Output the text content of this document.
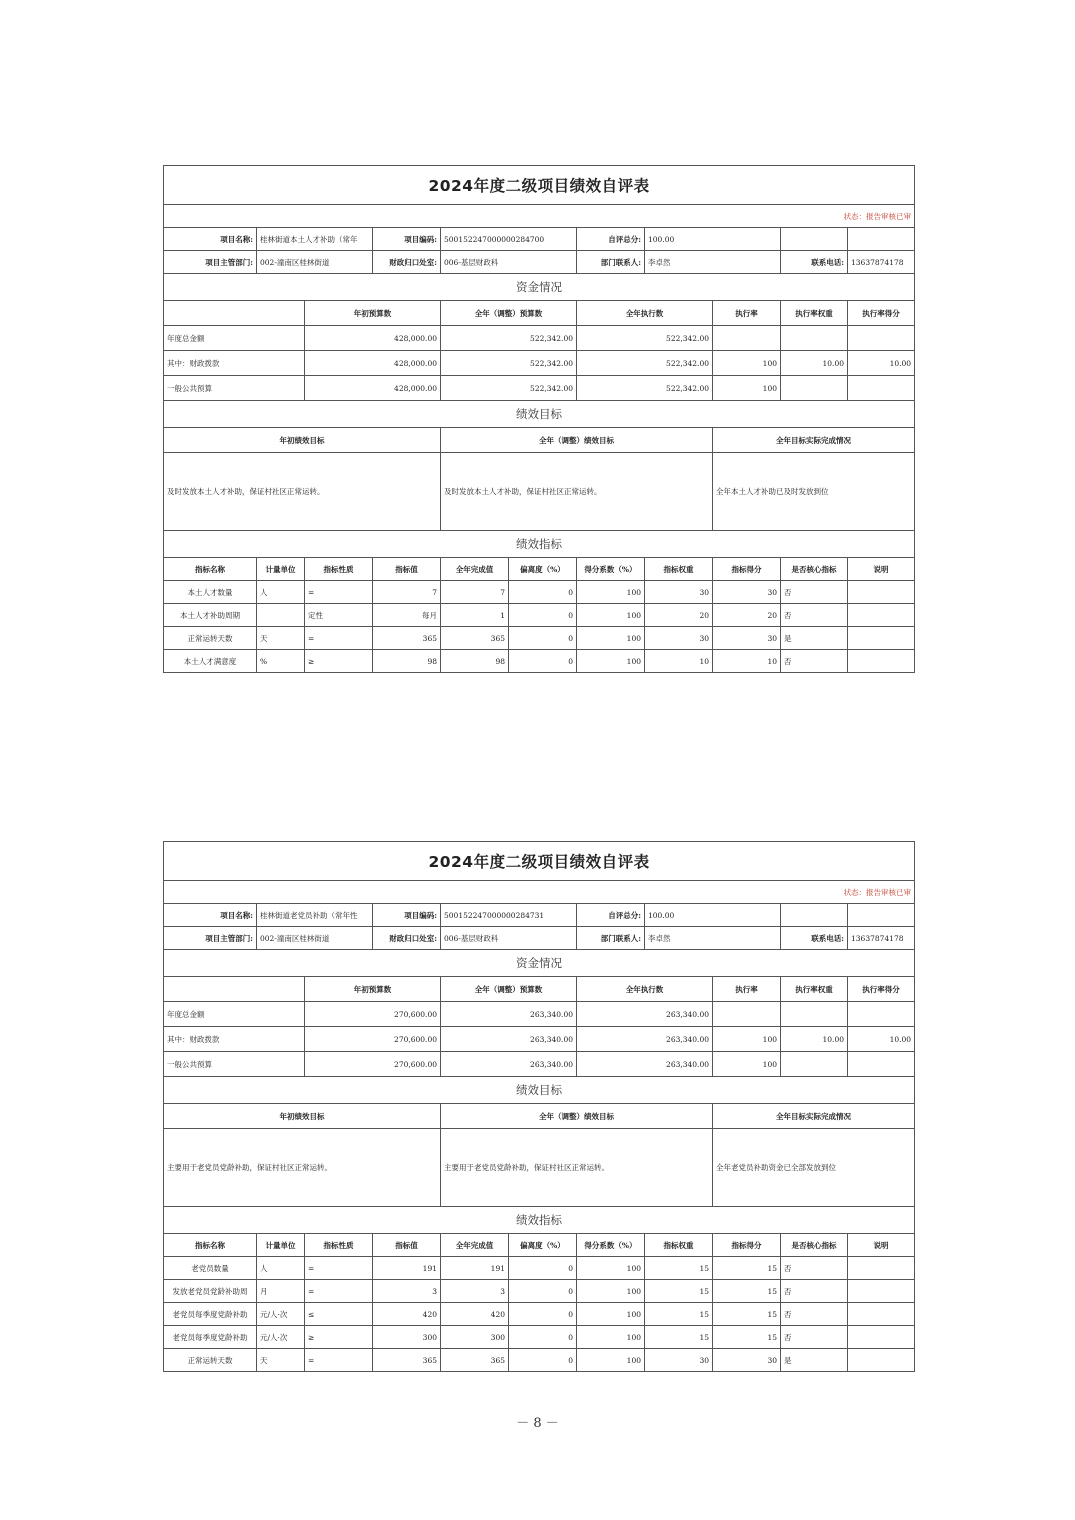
2024年度二级项目绩效自评表										
状态：报告审核已审										
项目名称:	桂林街道本土人才补助（常年		项目编码:	500152247000000284700		自评总分:	100.00			
项目主管部门:	002-潼南区桂林街道		财政归口处室:	006-基层财政科		部门联系人:	李卓然		联系电话:	13637874178
资金情况										
		年初预算数		全年（调整）预算数		全年执行数		执行率	执行率权重	执行率得分
年度总金额		428,000.00		522,342.00		522,342.00				
其中：财政拨款		428,000.00		522,342.00		522,342.00		100	10.00	10.00
一般公共预算		428,000.00		522,342.00		522,342.00		100		
绩效目标										
年初绩效目标				全年（调整）绩效目标				全年目标实际完成情况		
及时发放本土人才补助，保证村社区正常运转。				及时发放本土人才补助，保证村社区正常运转。				全年本土人才补助已及时发放到位		
绩效指标										
指标名称	计量单位	指标性质	指标值	全年完成值	偏离度（%）	得分系数（%）	指标权重	指标得分	是否核心指标	说明
本土人才数量	人	=	7	7	0	100	30	30	否	
本土人才补助周期		定性	每月	1	0	100	20	20	否	
正常运转天数	天	=	365	365	0	100	30	30	是	
本土人才满意度	%	≥	98	98	0	100	10	10	否	
2024年度二级项目绩效自评表										
状态：报告审核已审										
项目名称:	桂林街道老党员补助（常年性		项目编码:	500152247000000284731		自评总分:	100.00			
项目主管部门:	002-潼南区桂林街道		财政归口处室:	006-基层财政科		部门联系人:	李卓然		联系电话:	13637874178
资金情况										
		年初预算数		全年（调整）预算数		全年执行数		执行率	执行率权重	执行率得分
年度总金额		270,600.00		263,340.00		263,340.00				
其中：财政拨款		270,600.00		263,340.00		263,340.00		100	10.00	10.00
一般公共预算		270,600.00		263,340.00		263,340.00		100		
绩效目标										
年初绩效目标				全年（调整）绩效目标				全年目标实际完成情况		
主要用于老党员党龄补助，保证村社区正常运转。				主要用于老党员党龄补助，保证村社区正常运转。				全年老党员补助资金已全部发放到位		
绩效指标										
指标名称	计量单位	指标性质	指标值	全年完成值	偏离度（%）	得分系数（%）	指标权重	指标得分	是否核心指标	说明
老党员数量	人	=	191	191	0	100	15	15	否	
发放老党员党龄补助周	月	=	3	3	0	100	15	15	否	
老党员每季度党龄补助	元/人·次	≤	420	420	0	100	15	15	否	
老党员每季度党龄补助	元/人·次	≥	300	300	0	100	15	15	否	
正常运转天数	天	=	365	365	0	100	30	30	是	
－ 8 －
